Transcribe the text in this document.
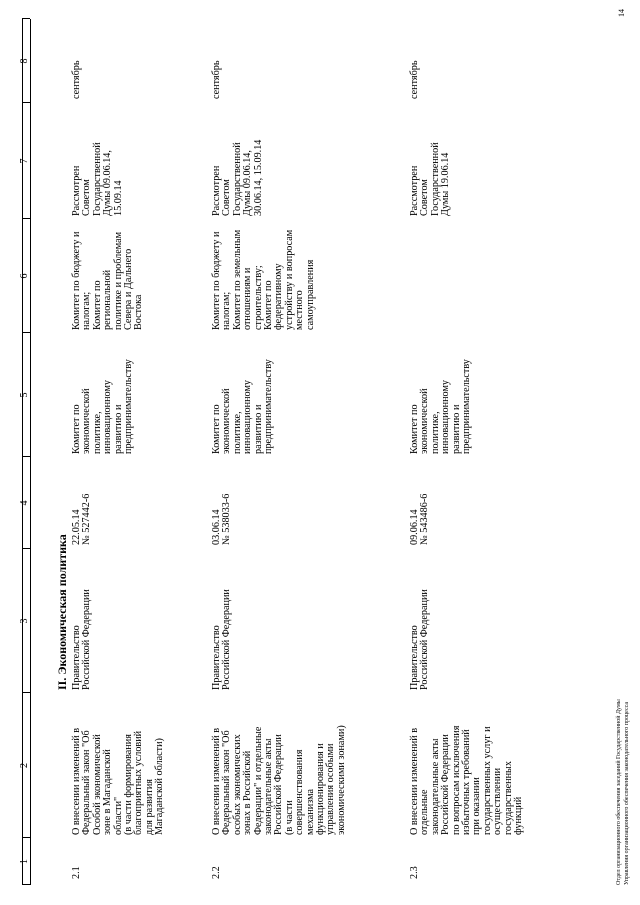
1
2
3
4
5
6
7
8
II. Экономическая политика
2.1
О внесении изменений в
Федеральный закон "Об
Особой экономической
зоне в Магаданской
области"
(в части формирования
благоприятных условий
для развития
Магаданской области)
Правительство
Российской Федерации
22.05.14
№ 527442-6
Комитет по
экономической
политике,
инновационному
развитию и
предпринимательству
Комитет по бюджету и
налогам;
Комитет по
региональной
политике и проблемам
Севера и Дальнего
Востока
Рассмотрен
Советом
Государственной
Думы 09.06.14,
15.09.14
сентябрь
2.2
О внесении изменений в
Федеральный закон "Об
особых экономических
зонах в Российской
Федерации" и отдельные
законодательные акты
Российской Федерации
(в части
совершенствования
механизма
функционирования и
управления особыми
экономическими зонами)
Правительство
Российской Федерации
03.06.14
№ 538033-6
Комитет по
экономической
политике,
инновационному
развитию и
предпринимательству
Комитет по бюджету и
налогам;
Комитет по земельным
отношениям и
строительству;
Комитет по
федеративному
устройству и вопросам
местного
самоуправления
Рассмотрен
Советом
Государственной
Думы 09.06.14,
30.06.14, 15.09.14
сентябрь
2.3
О внесении изменений в
отдельные
законодательные акты
Российской Федерации
по вопросам исключения
избыточных требований
при оказании
государственных услуг и
осуществлении
государственных
функций
Правительство
Российской Федерации
09.06.14
№ 543486-6
Комитет по
экономической
политике,
инновационному
развитию и
предпринимательству
Рассмотрен
Советом
Государственной
Думы 19.06.14
сентябрь
Отдел организационного обеспечения заседаний Государственной Думы Управления организационного обеспечения законодательного процесса
14
